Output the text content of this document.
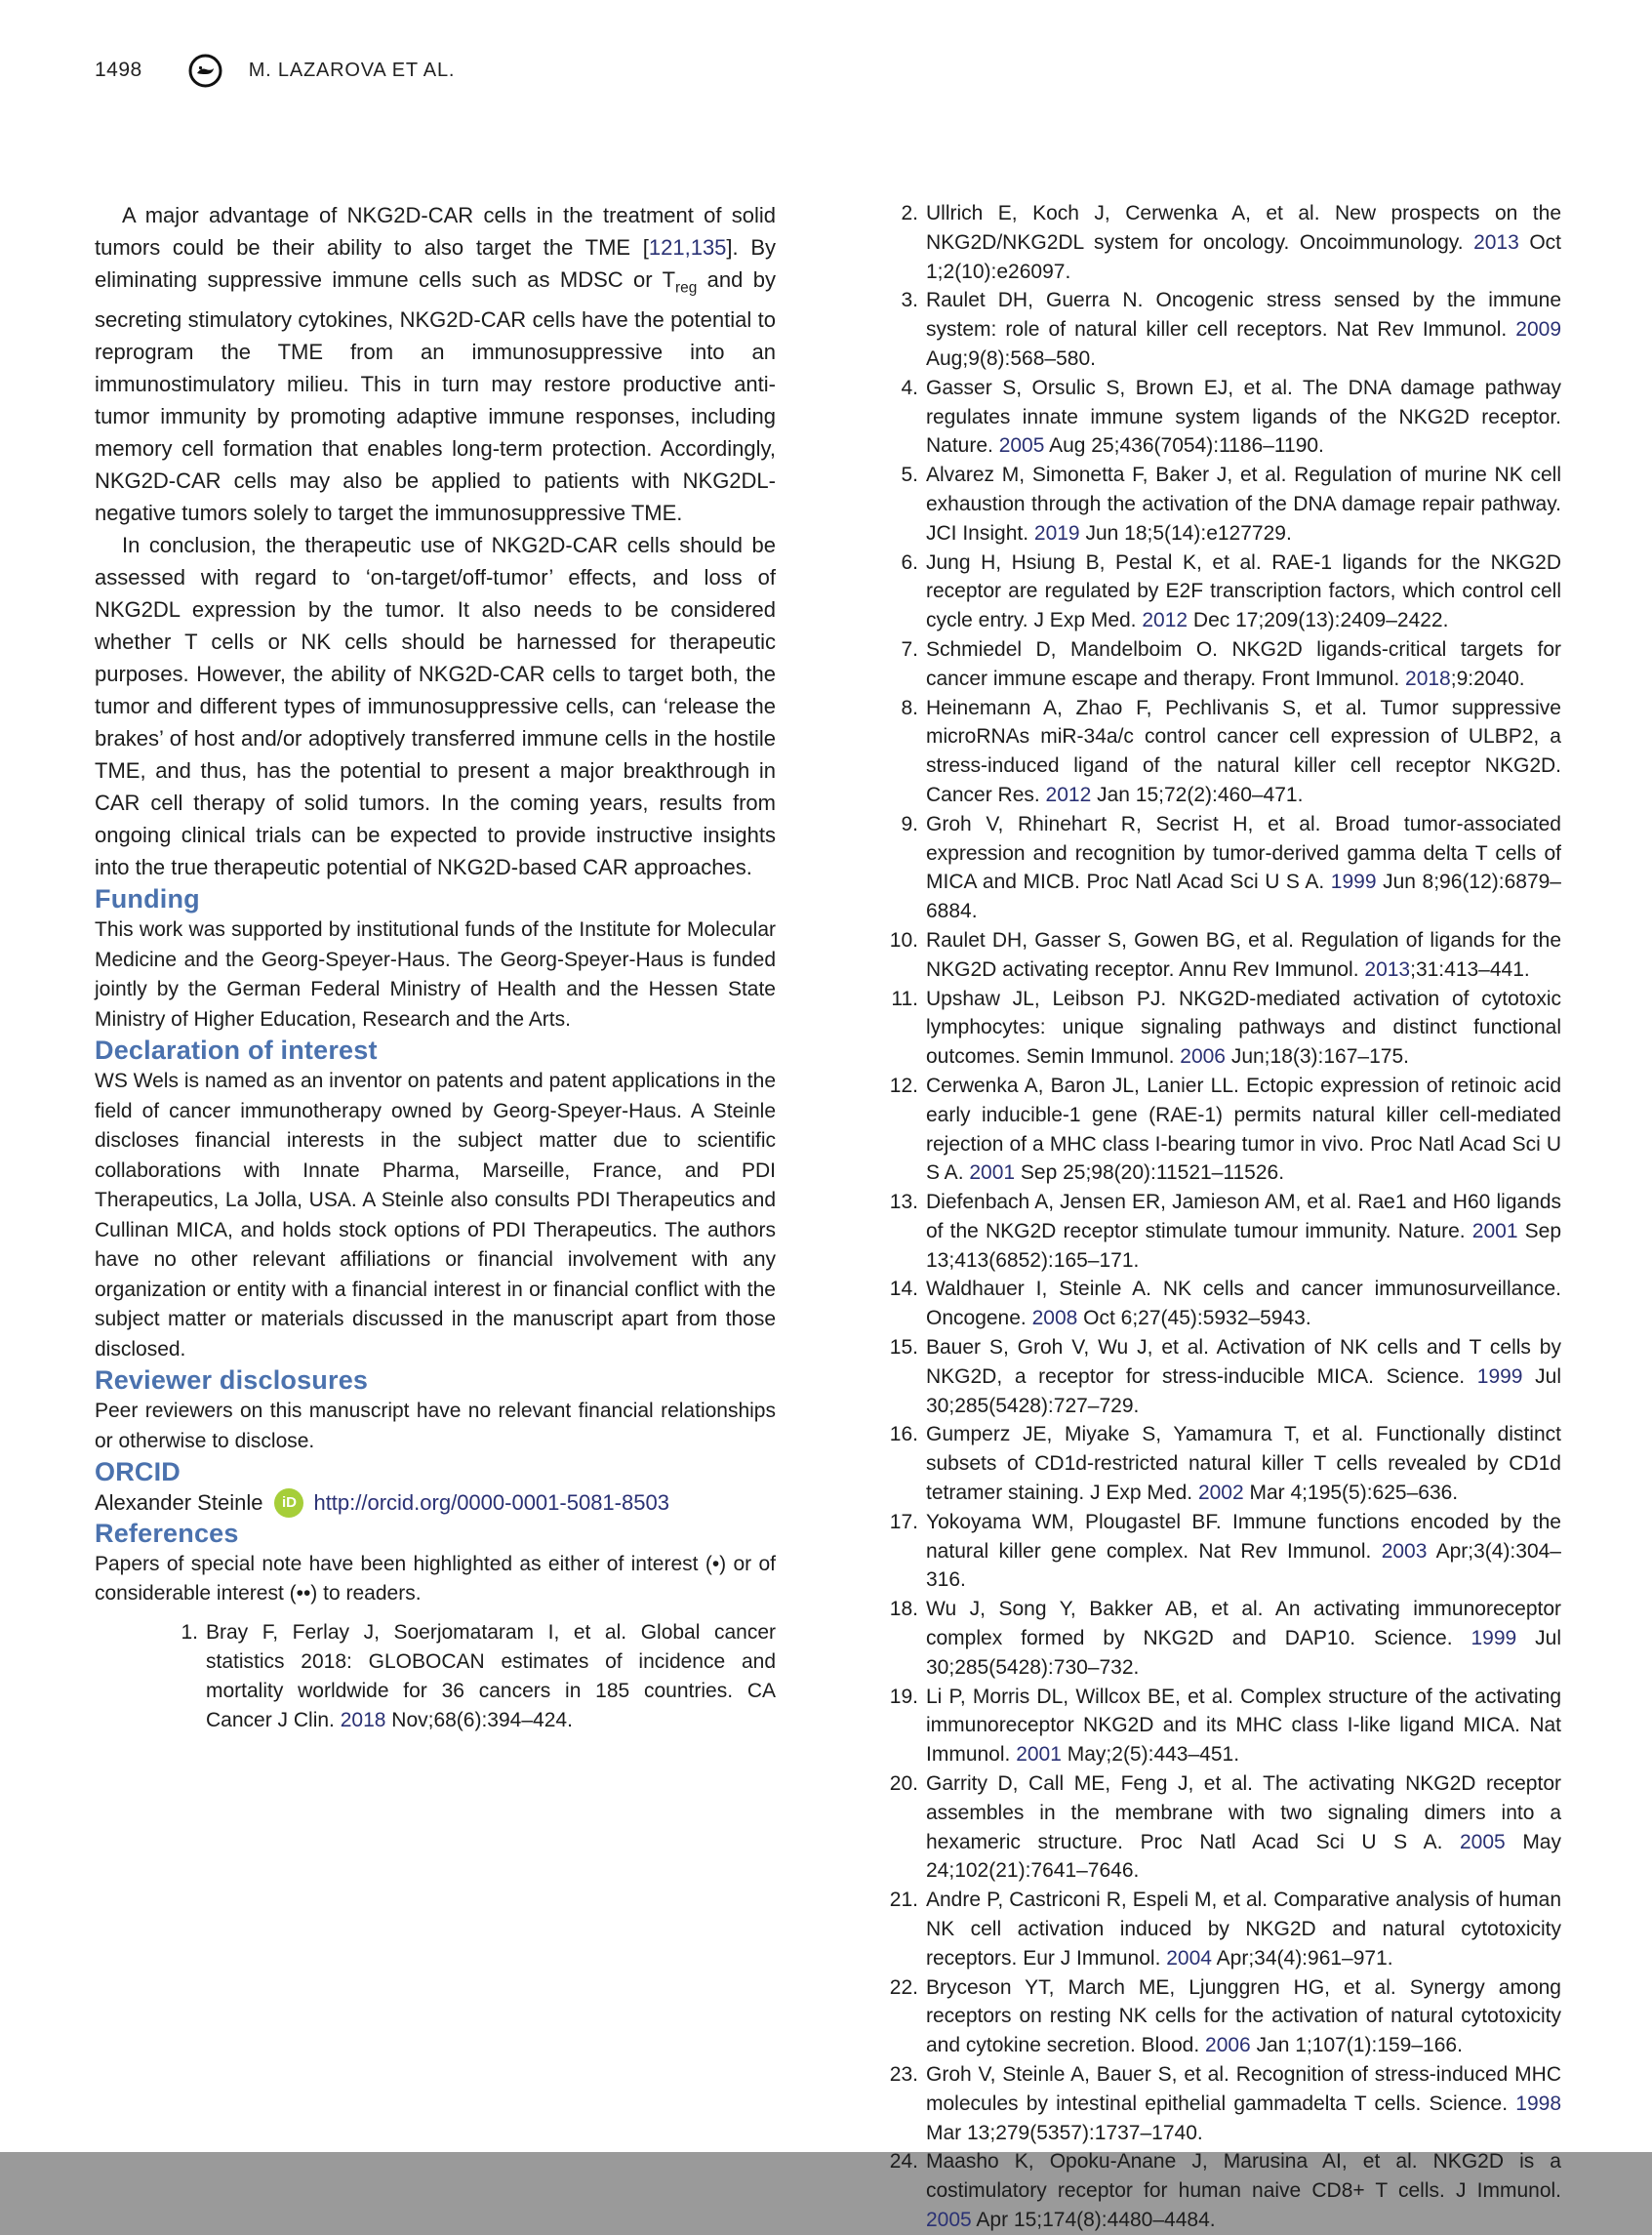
1498	M. LAZAROVA ET AL.

A major advantage of NKG2D-CAR cells in the treatment of solid tumors could be their ability to also target the TME [121,135]. By eliminating suppressive immune cells such as MDSC or $T_{reg}$ and by secreting stimulatory cytokines, NKG2D-CAR cells have the potential to reprogram the TME from an immunosuppressive into an immunostimulatory milieu. This in turn may restore productive anti-tumor immunity by promoting adaptive immune responses, including memory cell formation that enables long-term protection. Accordingly, NKG2D-CAR cells may also be applied to patients with NKG2DL-negative tumors solely to target the immunosuppressive TME.

In conclusion, the therapeutic use of NKG2D-CAR cells should be assessed with regard to ‘on-target/off-tumor’ effects, and loss of NKG2DL expression by the tumor. It also needs to be considered whether T cells or NK cells should be harnessed for therapeutic purposes. However, the ability of NKG2D-CAR cells to target both, the tumor and different types of immunosuppressive cells, can ‘release the brakes’ of host and/or adoptively transferred immune cells in the hostile TME, and thus, has the potential to present a major breakthrough in CAR cell therapy of solid tumors. In the coming years, results from ongoing clinical trials can be expected to provide instructive insights into the true therapeutic potential of NKG2D-based CAR approaches.

Funding

This work was supported by institutional funds of the Institute for Molecular Medicine and the Georg-Speyer-Haus. The Georg-Speyer-Haus is funded jointly by the German Federal Ministry of Health and the Hessen State Ministry of Higher Education, Research and the Arts.

Declaration of interest

WS Wels is named as an inventor on patents and patent applications in the field of cancer immunotherapy owned by Georg-Speyer-Haus. A Steinle discloses financial interests in the subject matter due to scientific collaborations with Innate Pharma, Marseille, France, and PDI Therapeutics, La Jolla, USA. A Steinle also consults PDI Therapeutics and Cullinan MICA, and holds stock options of PDI Therapeutics. The authors have no other relevant affiliations or financial involvement with any organization or entity with a financial interest in or financial conflict with the subject matter or materials discussed in the manuscript apart from those disclosed.

Reviewer disclosures

Peer reviewers on this manuscript have no relevant financial relationships or otherwise to disclose.

ORCID
Alexander Steinle	iD http://orcid.org/0000-0001-5081-8503
References

Papers of special note have been highlighted as either of interest (•) or of considerable interest (••) to readers.

1. Bray F, Ferlay J, Soerjomataram I, et al. Global cancer statistics 2018: GLOBOCAN estimates of incidence and mortality worldwide for 36 cancers in 185 countries. CA Cancer J Clin. 2018 Nov;68(6):394–424.
2. Ullrich E, Koch J, Cerwenka A, et al. New prospects on the NKG2D/NKG2DL system for oncology. Oncoimmunology. 2013 Oct 1;2(10):e26097.
3. Raulet DH, Guerra N. Oncogenic stress sensed by the immune system: role of natural killer cell receptors. Nat Rev Immunol. 2009 Aug;9(8):568–580.
4. Gasser S, Orsulic S, Brown EJ, et al. The DNA damage pathway regulates innate immune system ligands of the NKG2D receptor. Nature. 2005 Aug 25;436(7054):1186–1190.
5. Alvarez M, Simonetta F, Baker J, et al. Regulation of murine NK cell exhaustion through the activation of the DNA damage repair pathway. JCI Insight. 2019 Jun 18;5(14):e127729.
6. Jung H, Hsiung B, Pestal K, et al. RAE-1 ligands for the NKG2D receptor are regulated by E2F transcription factors, which control cell cycle entry. J Exp Med. 2012 Dec 17;209(13):2409–2422.
7. Schmiedel D, Mandelboim O. NKG2D ligands-critical targets for cancer immune escape and therapy. Front Immunol. 2018;9:2040.
8. Heinemann A, Zhao F, Pechlivanis S, et al. Tumor suppressive microRNAs miR-34a/c control cancer cell expression of ULBP2, a stress-induced ligand of the natural killer cell receptor NKG2D. Cancer Res. 2012 Jan 15;72(2):460–471.
9. Groh V, Rhinehart R, Secrist H, et al. Broad tumor-associated expression and recognition by tumor-derived gamma delta T cells of MICA and MICB. Proc Natl Acad Sci U S A. 1999 Jun 8;96(12):6879–6884.
10. Raulet DH, Gasser S, Gowen BG, et al. Regulation of ligands for the NKG2D activating receptor. Annu Rev Immunol. 2013;31:413–441.
11. Upshaw JL, Leibson PJ. NKG2D-mediated activation of cytotoxic lymphocytes: unique signaling pathways and distinct functional outcomes. Semin Immunol. 2006 Jun;18(3):167–175.
12. Cerwenka A, Baron JL, Lanier LL. Ectopic expression of retinoic acid early inducible-1 gene (RAE-1) permits natural killer cell-mediated rejection of a MHC class I-bearing tumor in vivo. Proc Natl Acad Sci U S A. 2001 Sep 25;98(20):11521–11526.
13. Diefenbach A, Jensen ER, Jamieson AM, et al. Rae1 and H60 ligands of the NKG2D receptor stimulate tumour immunity. Nature. 2001 Sep 13;413(6852):165–171.
14. Waldhauer I, Steinle A. NK cells and cancer immunosurveillance. Oncogene. 2008 Oct 6;27(45):5932–5943.
15. Bauer S, Groh V, Wu J, et al. Activation of NK cells and T cells by NKG2D, a receptor for stress-inducible MICA. Science. 1999 Jul 30;285(5428):727–729.
16. Gumperz JE, Miyake S, Yamamura T, et al. Functionally distinct subsets of CD1d-restricted natural killer T cells revealed by CD1d tetramer staining. J Exp Med. 2002 Mar 4;195(5):625–636.
17. Yokoyama WM, Plougastel BF. Immune functions encoded by the natural killer gene complex. Nat Rev Immunol. 2003 Apr;3(4):304–316.
18. Wu J, Song Y, Bakker AB, et al. An activating immunoreceptor complex formed by NKG2D and DAP10. Science. 1999 Jul 30;285(5428):730–732.
19. Li P, Morris DL, Willcox BE, et al. Complex structure of the activating immunoreceptor NKG2D and its MHC class I-like ligand MICA. Nat Immunol. 2001 May;2(5):443–451.
20. Garrity D, Call ME, Feng J, et al. The activating NKG2D receptor assembles in the membrane with two signaling dimers into a hexameric structure. Proc Natl Acad Sci U S A. 2005 May 24;102(21):7641–7646.
21. Andre P, Castriconi R, Espeli M, et al. Comparative analysis of human NK cell activation induced by NKG2D and natural cytotoxicity receptors. Eur J Immunol. 2004 Apr;34(4):961–971.
22. Bryceson YT, March ME, Ljunggren HG, et al. Synergy among receptors on resting NK cells for the activation of natural cytotoxicity and cytokine secretion. Blood. 2006 Jan 1;107(1):159–166.
23. Groh V, Steinle A, Bauer S, et al. Recognition of stress-induced MHC molecules by intestinal epithelial gammadelta T cells. Science. 1998 Mar 13;279(5357):1737–1740.
24. Maasho K, Opoku-Anane J, Marusina AI, et al. NKG2D is a costimulatory receptor for human naive CD8+ T cells. J Immunol. 2005 Apr 15;174(8):4480–4484.
